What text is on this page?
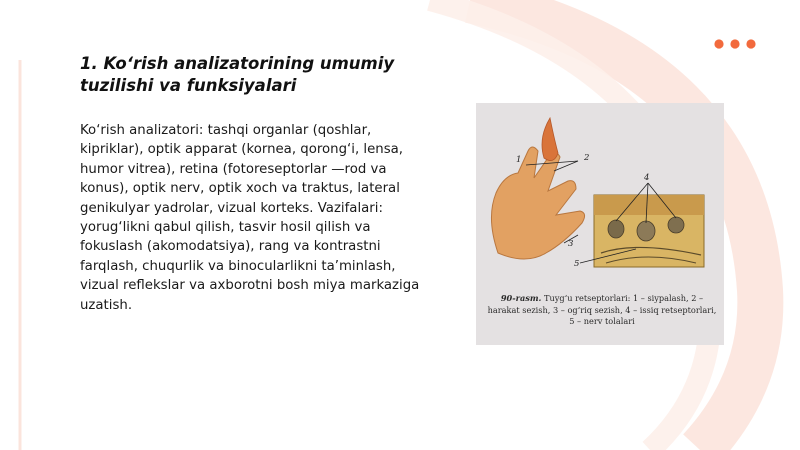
1. Ko‘rish analizatorining umumiy tuzilishi va funksiyalari

Ko‘rish analizatori: tashqi organlar (qoshlar, kipriklar), optik apparat (kornea, qorong‘i, lensa, humor vitrea), retina (fotoreseptorlar —rod va konus), optik nerv, optik xoch va traktus, lateral genikulyar yadrolar, vizual korteks. Vazifalari: yorug‘likni qabul qilish, tasvir hosil qilish va fokuslash (akomodatsiya), rang va kontrastni farqlash, chuqurlik va binocularlikni ta’minlash, vizual reflekslar va axborotni bosh miya markaziga uzatish.

1	2
3
4
5
90-rasm. Tuyg‘u retseptorlari: 1 – siypalash, 2 – harakat sezish, 3 – og‘riq sezish, 4 – issiq retseptorlari, 5 – nerv tolalari
